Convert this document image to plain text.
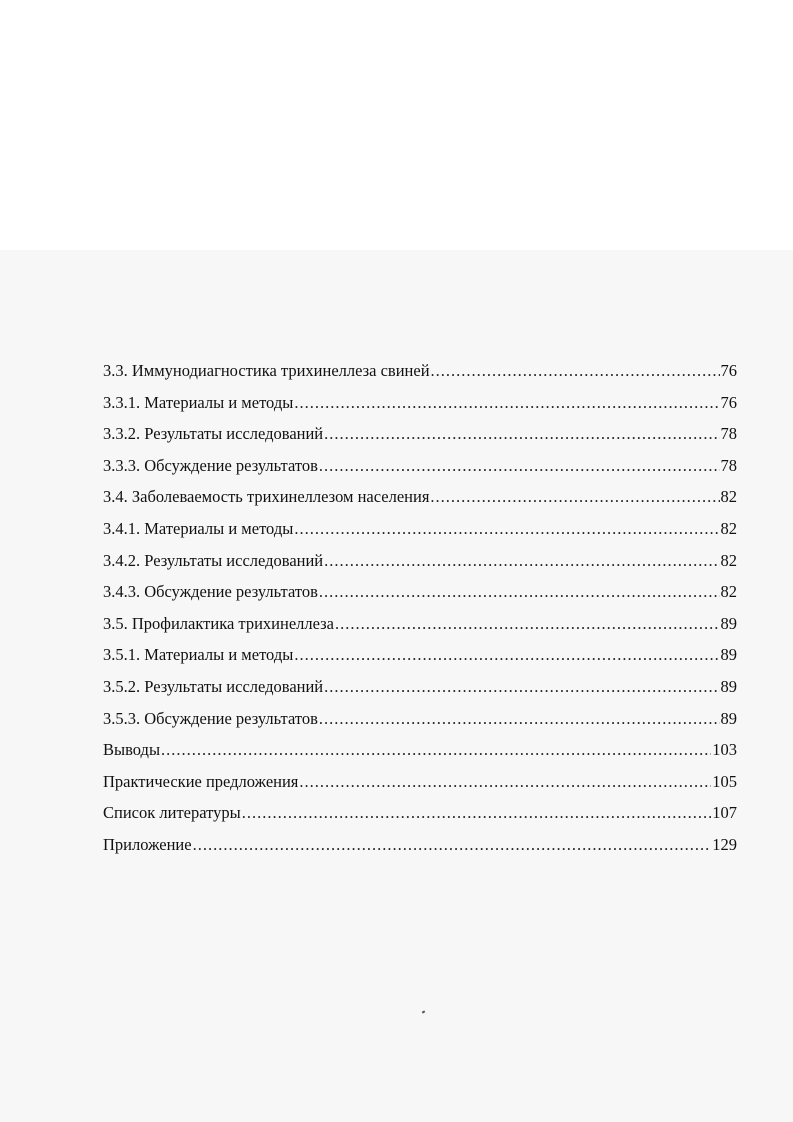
3.3. Иммунодиагностика трихинеллеза свиней .....	76
3.3.1. Материалы и методы .....	76
3.3.2. Результаты исследований .....	78
3.3.3. Обсуждение результатов .....	78
3.4. Заболеваемость трихинеллезом населения .....	82
3.4.1. Материалы и методы .....	82
3.4.2. Результаты исследований .....	82
3.4.3. Обсуждение результатов .....	82
3.5. Профилактика трихинеллеза .....	89
3.5.1. Материалы и методы .....	89
3.5.2. Результаты исследований .....	89
3.5.3. Обсуждение результатов .....	89
Выводы .....	103
Практические предложения .....	105
Список литературы .....	107
Приложение .....	129
